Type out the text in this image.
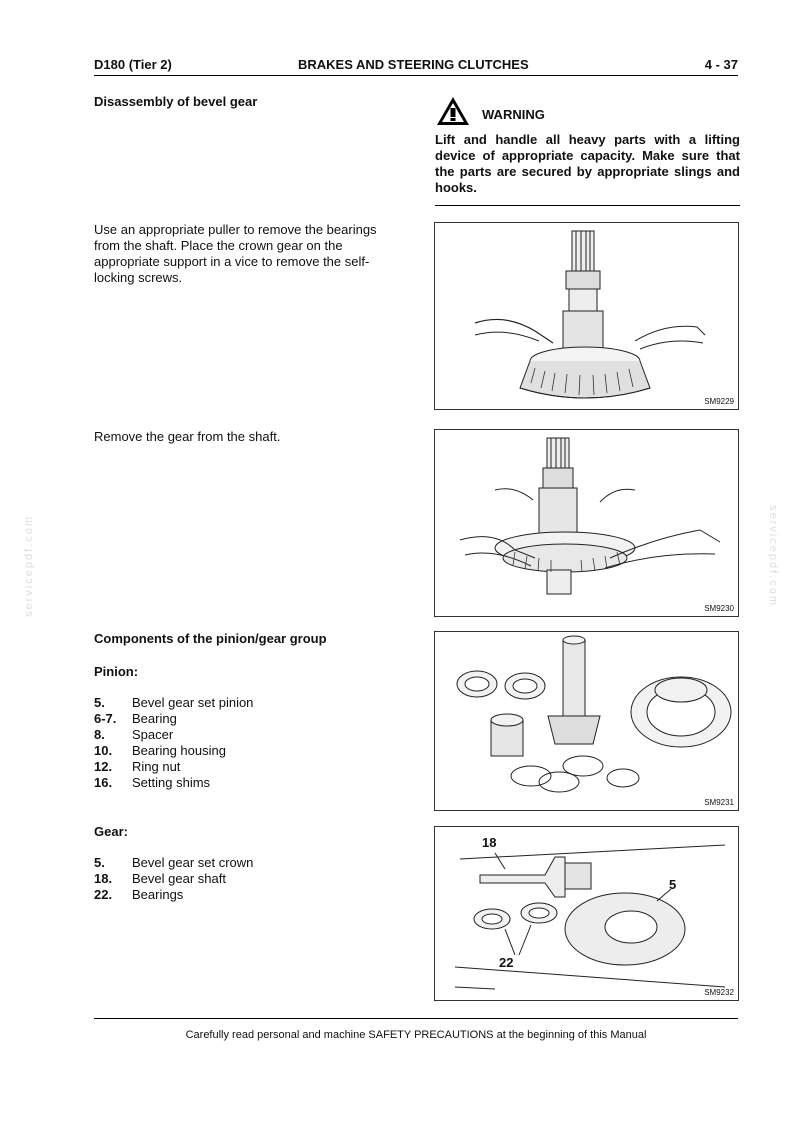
D180 (Tier 2)	BRAKES AND STEERING CLUTCHES	4 - 37
Disassembly of bevel gear
WARNING
Lift and handle all heavy parts with a lifting device of appropriate capacity. Make sure that the parts are secured by appropriate slings and hooks.
Use an appropriate puller to remove the bearings from the shaft. Place the crown gear on the appropriate support in a vice to remove the self-locking screws.
SM9229
Remove the gear from the shaft.
SM9230
Components of the pinion/gear group
Pinion:
5.	Bevel gear set pinion
6-7.	Bearing
8.	Spacer
10.	Bearing housing
12.	Ring nut
16.	Setting shims
SM9231
Gear:
5.	Bevel gear set crown
18.	Bevel gear shaft
22.	Bearings
18
5
22
SM9232
servicepdf.com	servicepdf.com
Carefully read personal and machine SAFETY PRECAUTIONS at the beginning of this Manual
